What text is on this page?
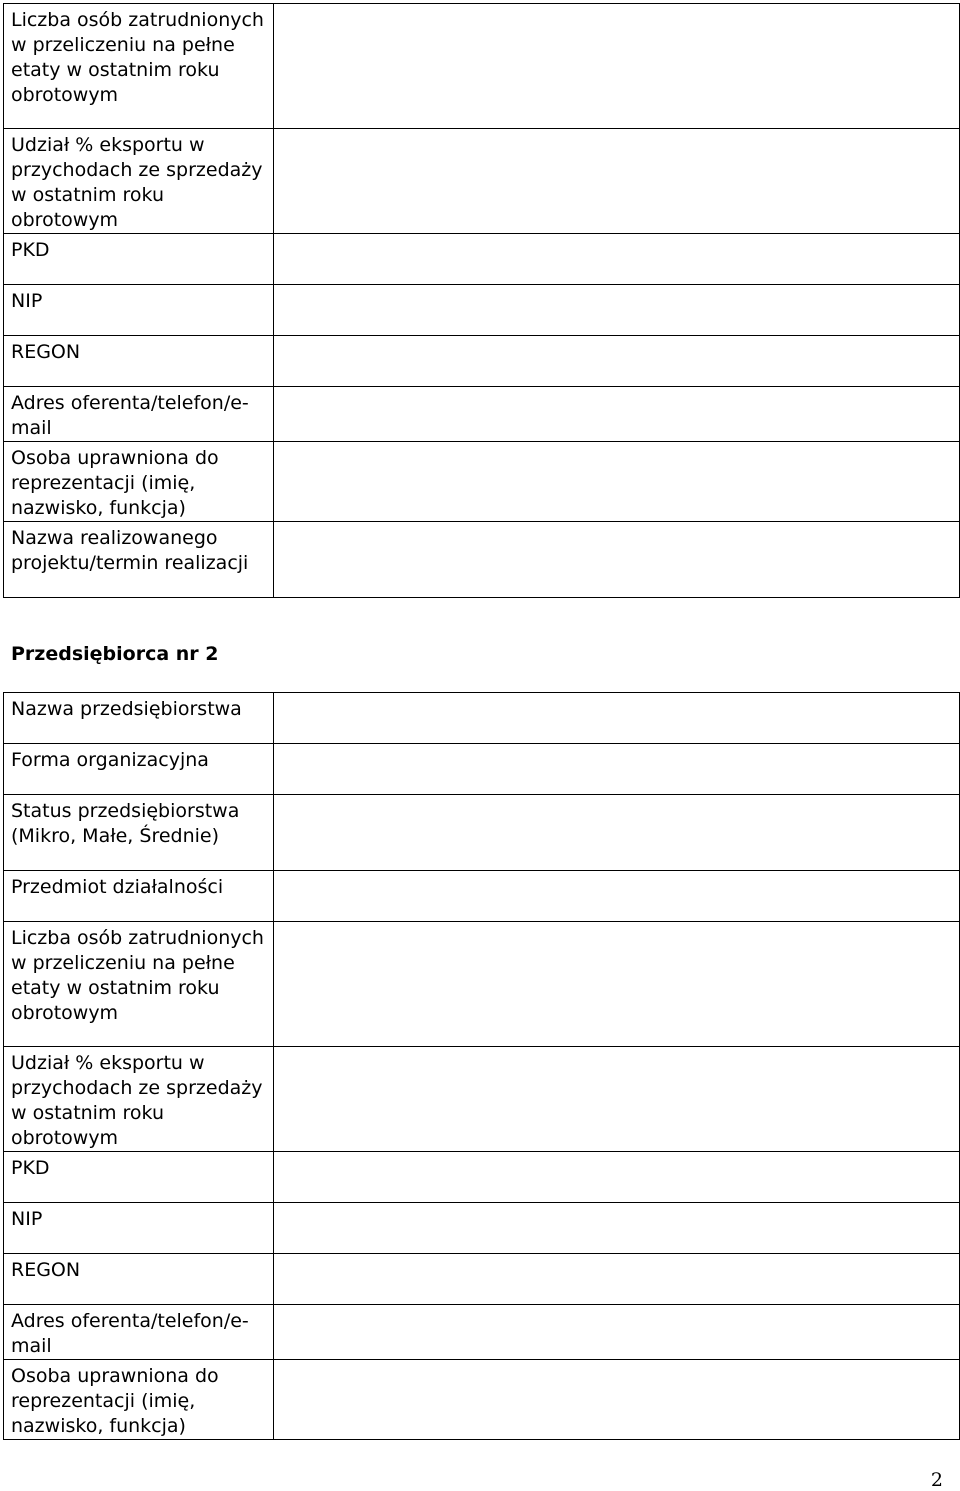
Liczba osób zatrudnionych w przeliczeniu na pełne etaty w ostatnim roku obrotowym	

Udział % eksportu w przychodach ze sprzedaży w ostatnim roku obrotowym	

PKD	

NIP	

REGON	

Adres oferenta/telefon/e-mail	

Osoba uprawniona do reprezentacji (imię, nazwisko, funkcja)	

Nazwa realizowanego projektu/termin realizacji	

Przedsiębiorca nr 2
Nazwa przedsiębiorstwa	

Forma organizacyjna	

Status przedsiębiorstwa (Mikro, Małe, Średnie)	

Przedmiot działalności	

Liczba osób zatrudnionych w przeliczeniu na pełne etaty w ostatnim roku obrotowym	

Udział % eksportu w przychodach ze sprzedaży w ostatnim roku obrotowym	

PKD	

NIP	

REGON	

Adres oferenta/telefon/e-mail	

Osoba uprawniona do reprezentacji (imię, nazwisko, funkcja)	

2
